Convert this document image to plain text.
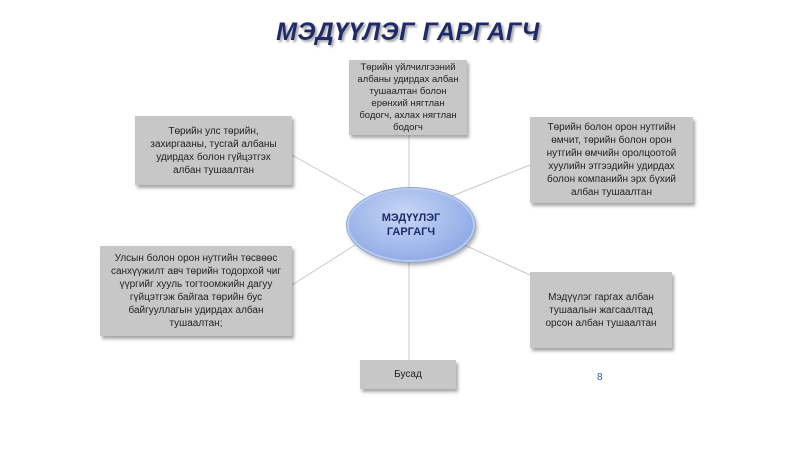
МЭДҮҮЛЭГ ГАРГАГЧ
Төрийн үйлчилгээний албаны удирдах албан тушаалтан болон ерөнхий нягтлан бодогч, ахлах нягтлан бодогч
Төрийн улс төрийн, захиргааны, тусгай албаны удирдах болон гүйцэтгэх албан тушаалтан
Төрийн болон орон нутгийн өмчит, төрийн болон орон нутгийн өмчийн оролцоотой хуулийн этгээдийн удирдах болон компанийн эрх бүхий албан тушаалтан
Улсын болон орон нутгийн төсвөөс санхүүжилт авч төрийн тодорхой чиг үүргийг хууль тогтоомжийн дагуу гүйцэтгэж байгаа төрийн бус байгууллагын удирдах албан тушаалтан;
Мэдүүлэг гаргах албан тушаалын жагсаалтад орсон албан тушаалтан
Бусад
МЭДҮҮЛЭГ ГАРГАГЧ
8
